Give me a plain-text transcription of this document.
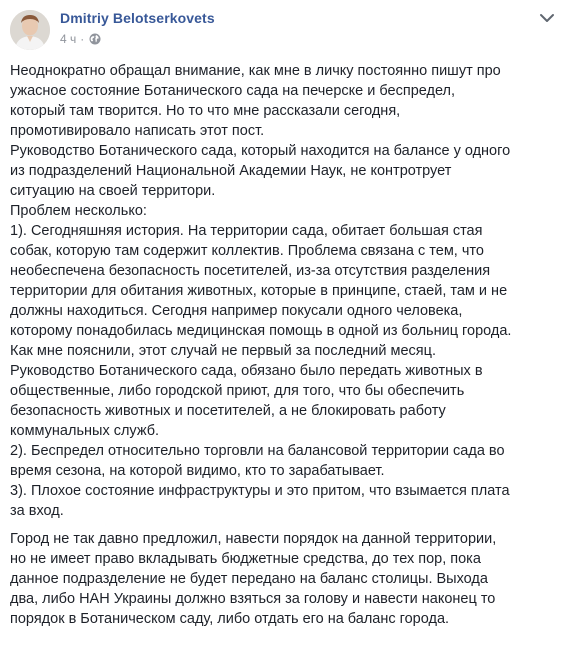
Dmitriy Belotserkovets
4 ч ·

Неоднократно обращал внимание, как мне в личку постоянно пишут про
ужасное состояние Ботанического сада на печерске и беспредел,
который там творится. Но то что мне рассказали сегодня,
промотивировало написать этот пост.
Руководство Ботанического сада, который находится на балансе у одного
из подразделений Национальной Академии Наук, не контротрует
ситуацию на своей территори.
Проблем несколько:
1). Сегодняшняя история. На территории сада, обитает большая стая
собак, которую там содержит коллектив. Проблема связана с тем, что
необеспечена безопасность посетителей, из-за отсутствия разделения
территории для обитания животных, которые в принципе, стаей, там и не
должны находиться. Сегодня например покусали одного человека,
которому понадобилась медицинская помощь в одной из больниц города.
Как мне пояснили, этот случай не первый за последний месяц.
Руководство Ботанического сада, обязано было передать животных в
общественные, либо городской приют, для того, что бы обеспечить
безопасность животных и посетителей, а не блокировать работу
коммунальных служб.
2). Беспредел относительно торговли на балансовой территории сада во
время сезона, на которой видимо, кто то зарабатывает.
3). Плохое состояние инфраструктуры и это притом, что взымается плата
за вход.

Город не так давно предложил, навести порядок на данной территории,
но не имеет право вкладывать бюджетные средства, до тех пор, пока
данное подразделение не будет передано на баланс столицы. Выхода
два, либо НАН Украины должно взяться за голову и навести наконец то
порядок в Ботаническом саду, либо отдать его на баланс города.
